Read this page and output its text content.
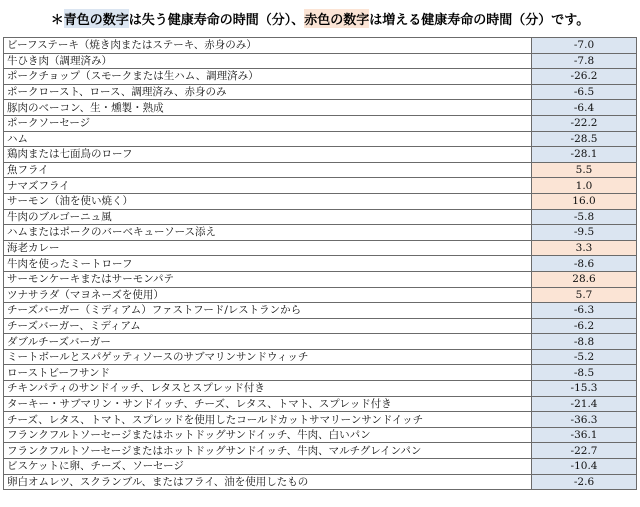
＊ 青色の数字 は失う健康寿命の時間（分）、 赤色の数字 は増える健康寿命の時間（分）です。
ビーフステーキ（焼き肉またはステーキ、赤身のみ）	-7.0
牛ひき肉（調理済み）	-7.8
ポークチョップ（スモークまたは生ハム、調理済み）	-26.2
ポークロースト、ロース、調理済み、赤身のみ	-6.5
豚肉のベーコン、生・燻製・熟成	-6.4
ポークソーセージ	-22.2
ハム	-28.5
鶏肉または七面鳥のローフ	-28.1
魚フライ	5.5
ナマズフライ	1.0
サーモン（油を使い焼く）	16.0
牛肉のブルゴーニュ風	-5.8
ハムまたはポークのバーベキューソース添え	-9.5
海老カレー	3.3
牛肉を使ったミートローフ	-8.6
サーモンケーキまたはサーモンパテ	28.6
ツナサラダ（マヨネーズを使用）	5.7
チーズバーガー（ミディアム）ファストフード/レストランから	-6.3
チーズバーガー、ミディアム	-6.2
ダブルチーズバーガー	-8.8
ミートボールとスパゲッティソースのサブマリンサンドウィッチ	-5.2
ローストビーフサンド	-8.5
チキンパティのサンドイッチ、レタスとスプレッド付き	-15.3
ターキー・サブマリン・サンドイッチ、チーズ、レタス、トマト、スプレッド付き	-21.4
チーズ、レタス、トマト、スプレッドを使用したコールドカットサマリーンサンドイッチ	-36.3
フランクフルトソーセージまたはホットドッグサンドイッチ、牛肉、白いパン	-36.1
フランクフルトソーセージまたはホットドッグサンドイッチ、牛肉、マルチグレインパン	-22.7
ビスケットに卵、チーズ、ソーセージ	-10.4
卵白オムレツ、スクランブル、またはフライ、油を使用したもの	-2.6
